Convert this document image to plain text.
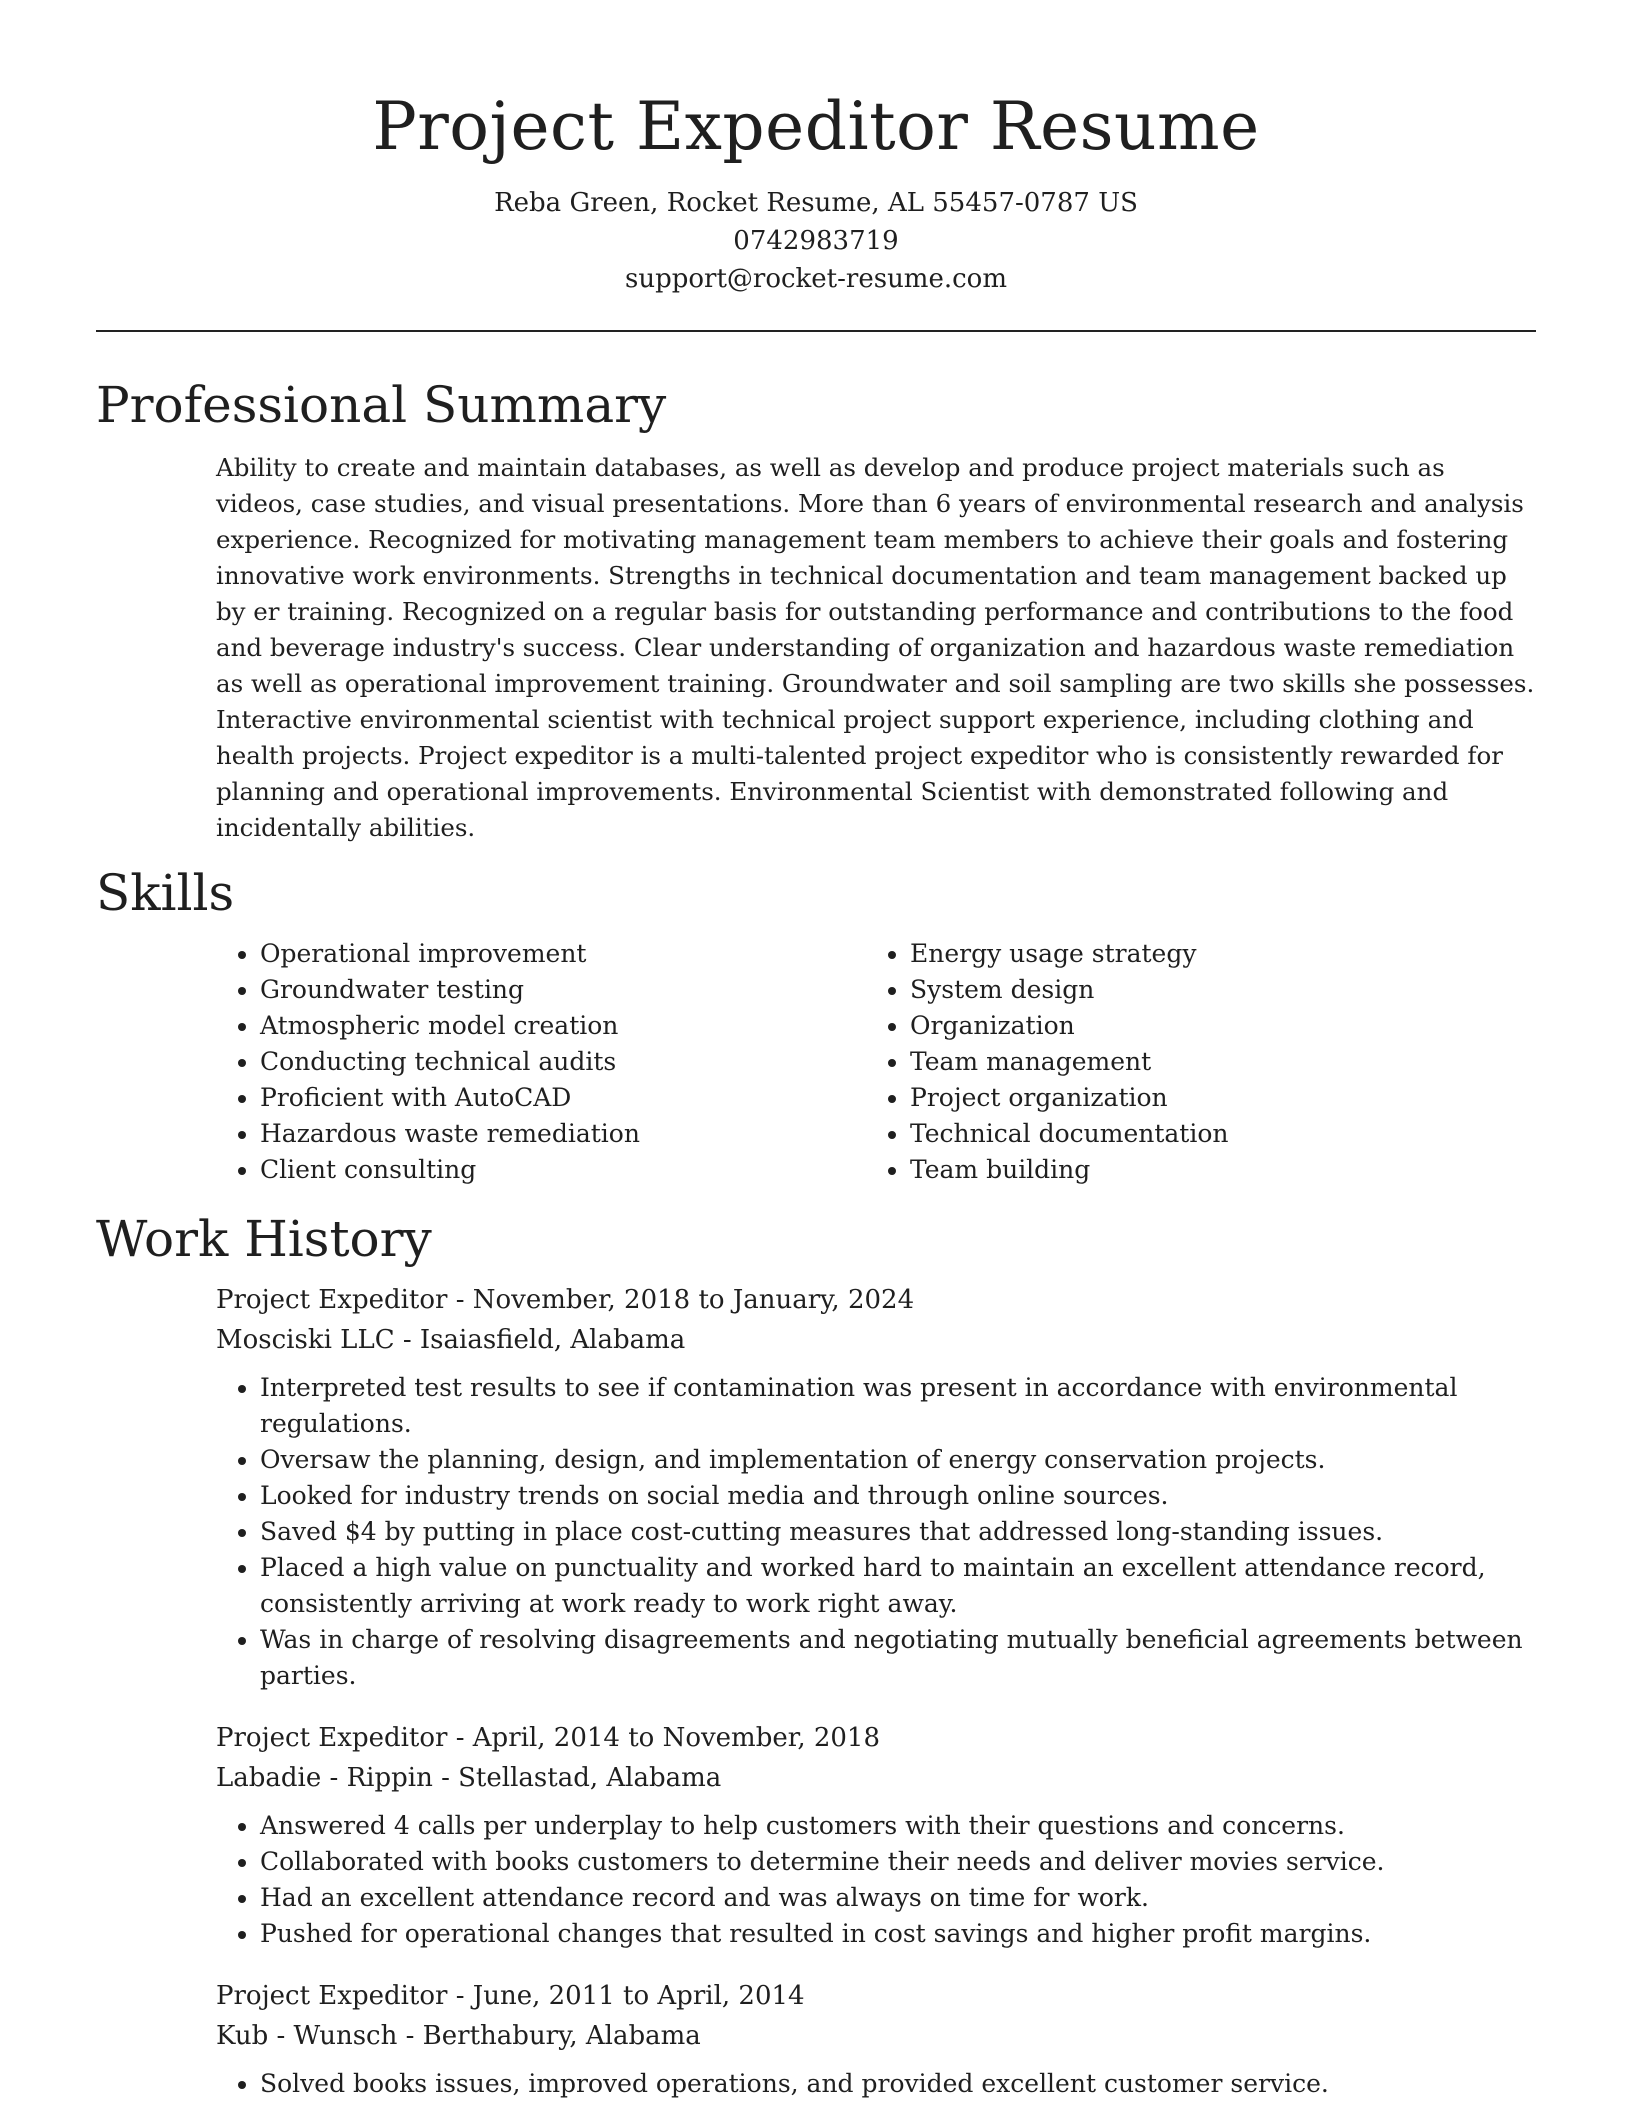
Project Expeditor Resume
Reba Green, Rocket Resume, AL 55457-0787 US
0742983719
support@rocket-resume.com
Professional Summary

Ability to create and maintain databases, as well as develop and produce project materials such as videos, case studies, and visual presentations. More than 6 years of environmental research and analysis experience. Recognized for motivating management team members to achieve their goals and fostering innovative work environments. Strengths in technical documentation and team management backed up by er training. Recognized on a regular basis for outstanding performance and contributions to the food and beverage industry's success. Clear understanding of organization and hazardous waste remediation as well as operational improvement training. Groundwater and soil sampling are two skills she possesses. Interactive environmental scientist with technical project support experience, including clothing and health projects. Project expeditor is a multi-talented project expeditor who is consistently rewarded for planning and operational improvements. Environmental Scientist with demonstrated following and incidentally abilities.

Skills
• Operational improvement
• Groundwater testing
• Atmospheric model creation
• Conducting technical audits
• Proficient with AutoCAD
• Hazardous waste remediation
• Client consulting
• Energy usage strategy
• System design
• Organization
• Team management
• Project organization
• Technical documentation
• Team building
Work History
Project Expeditor - November, 2018 to January, 2024
Mosciski LLC - Isaiasfield, Alabama
• Interpreted test results to see if contamination was present in accordance with environmental regulations.
• Oversaw the planning, design, and implementation of energy conservation projects.
• Looked for industry trends on social media and through online sources.
• Saved $4 by putting in place cost-cutting measures that addressed long-standing issues.
• Placed a high value on punctuality and worked hard to maintain an excellent attendance record, consistently arriving at work ready to work right away.
• Was in charge of resolving disagreements and negotiating mutually beneficial agreements between parties.
Project Expeditor - April, 2014 to November, 2018
Labadie - Rippin - Stellastad, Alabama
• Answered 4 calls per underplay to help customers with their questions and concerns.
• Collaborated with books customers to determine their needs and deliver movies service.
• Had an excellent attendance record and was always on time for work.
• Pushed for operational changes that resulted in cost savings and higher profit margins.
Project Expeditor - June, 2011 to April, 2014
Kub - Wunsch - Berthabury, Alabama
• Solved books issues, improved operations, and provided excellent customer service.
